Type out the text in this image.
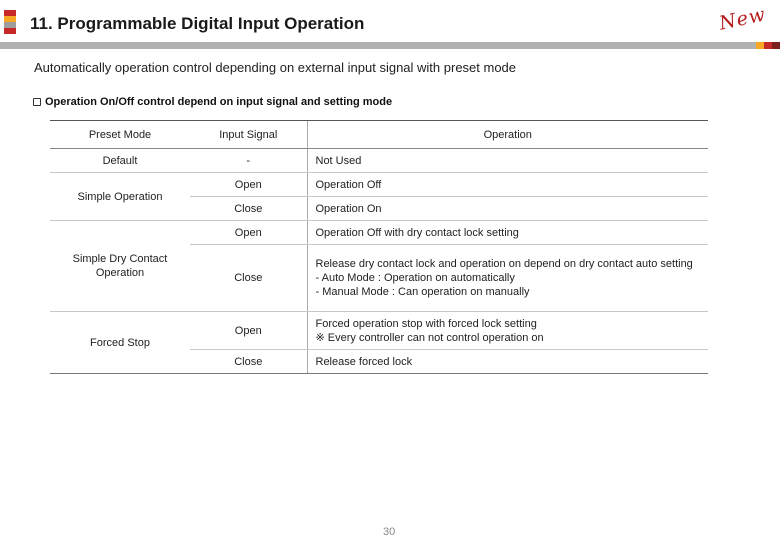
11. Programmable Digital Input Operation	New
Automatically operation control depending on external input signal with preset mode
Operation On/Off control depend on input signal and setting mode
Preset Mode	Input Signal	Operation
Default	-	Not Used
Simple Operation	Open	Operation Off
	Close	Operation On
Simple Dry Contact Operation	Open	Operation Off with dry contact lock setting
	Close	Release dry contact lock and operation on depend on dry contact auto setting
- Auto Mode : Operation on automatically
- Manual Mode : Can operation on manually
Forced Stop	Open	Forced operation stop with forced lock setting
※ Every controller can not control operation on
	Close	Release forced lock
30
